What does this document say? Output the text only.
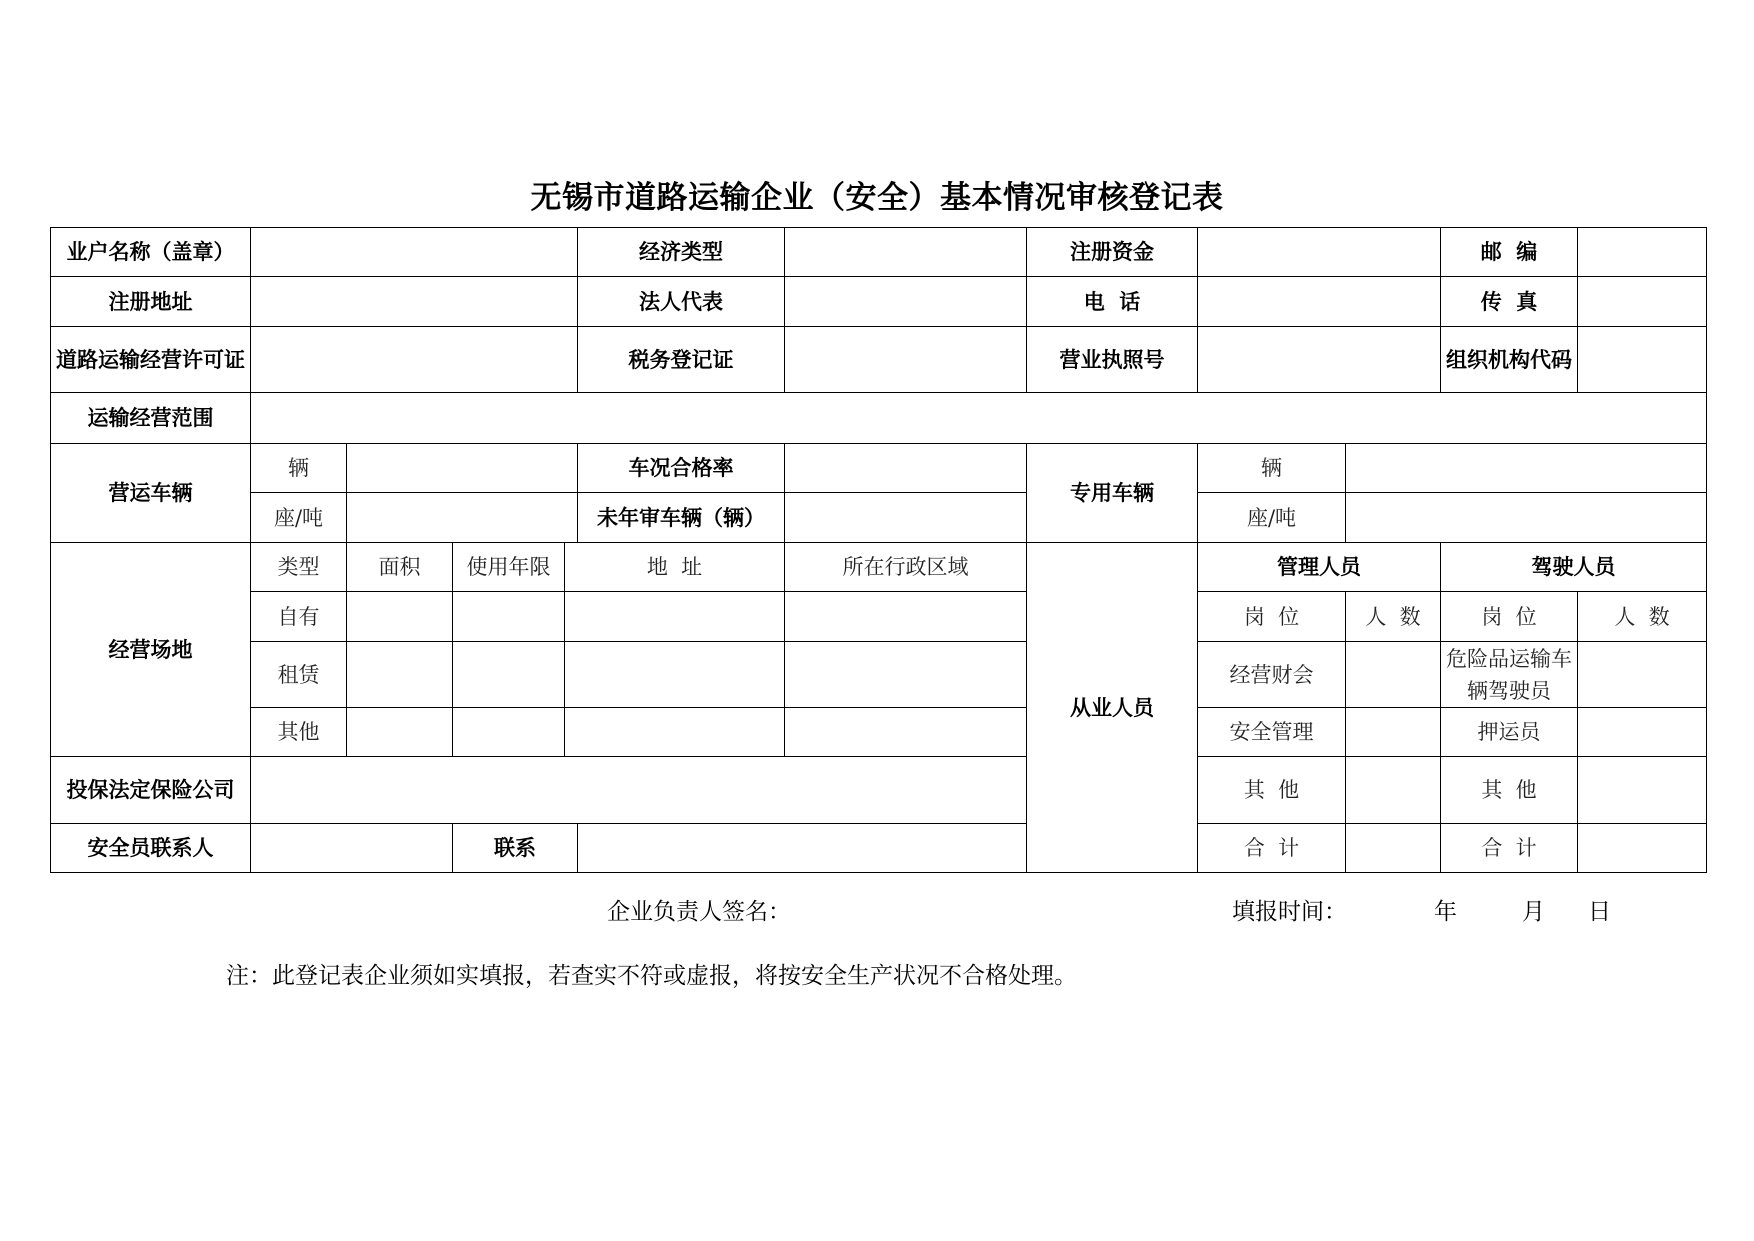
无锡市道路运输企业（安全）基本情况审核登记表
业户名称（盖章）					经济类型		注册资金			邮  编	
注册地址					法人代表		电  话			传  真	
道路运输经营许可证					税务登记证		营业执照号			组织机构代码	
运输经营范围											
营运车辆	辆				车况合格率		专用车辆	辆			
	座/吨				未年审车辆（辆）			座/吨			
经营场地	类型	面积	使用年限	地  址		所在行政区域	从业人员	管理人员		驾驶人员	
	自有							岗  位	人  数	岗  位	人  数
	租赁							经营财会		危险品运输车辆驾驶员	
	其他							安全管理		押运员	
投保法定保险公司								其  他		其  他	
安全员联系人			联系					合  计		合  计	
企业负责人签名：	填报时间：	年	月 日
注：此登记表企业须如实填报，若查实不符或虚报，将按安全生产状况不合格处理。
